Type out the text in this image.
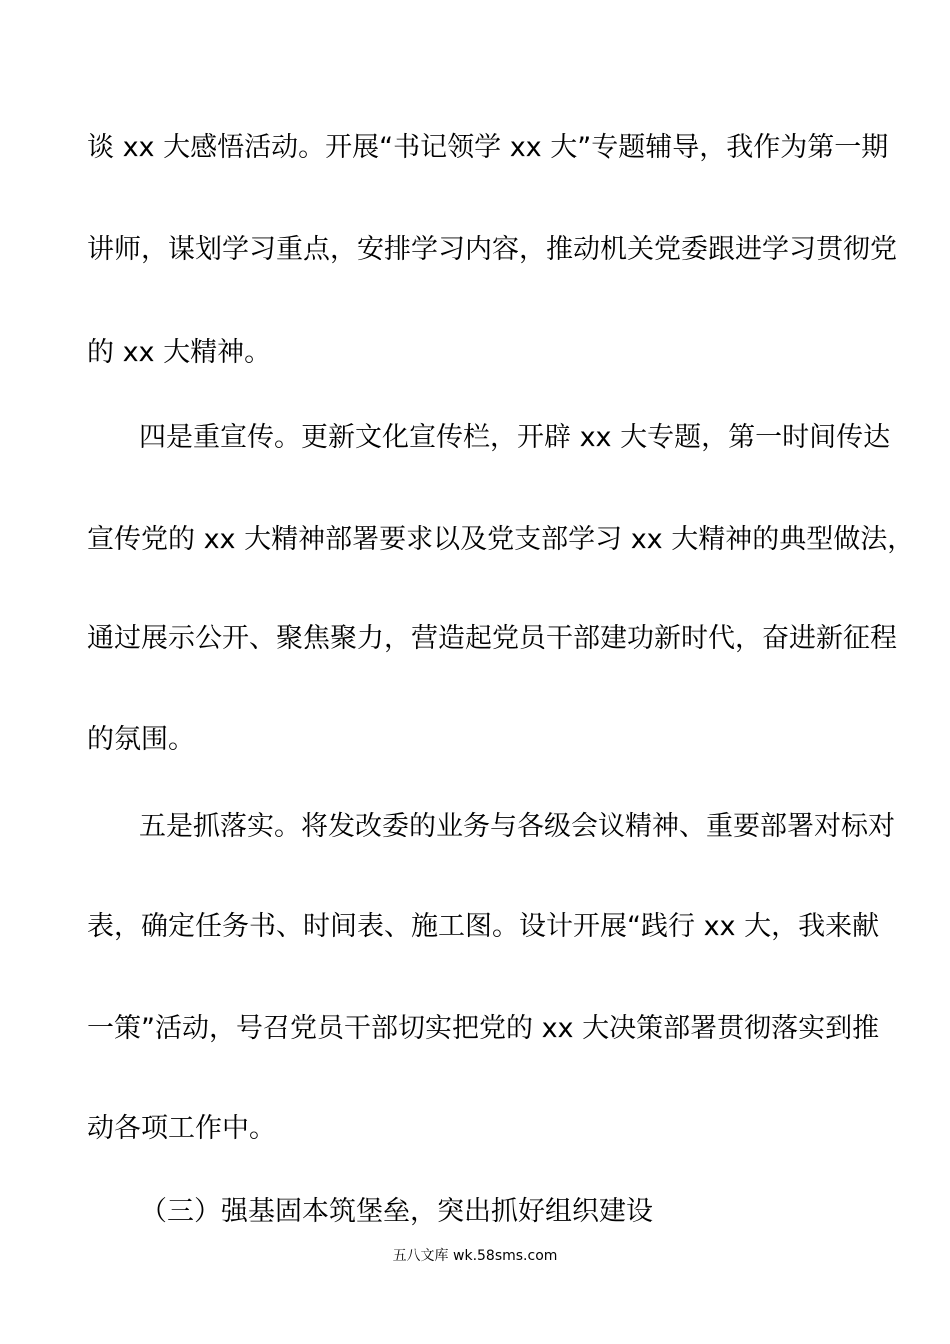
谈 xx 大感悟活动。开展“书记领学 xx 大”专题辅导，我作为第一期
讲师，谋划学习重点，安排学习内容，推动机关党委跟进学习贯彻党
的 xx 大精神。
四是重宣传。更新文化宣传栏，开辟 xx 大专题，第一时间传达
宣传党的 xx 大精神部署要求以及党支部学习 xx 大精神的典型做法，
通过展示公开、聚焦聚力，营造起党员干部建功新时代，奋进新征程
的氛围。
五是抓落实。将发改委的业务与各级会议精神、重要部署对标对
表，确定任务书、时间表、施工图。设计开展“践行 xx 大，我来献
一策”活动，号召党员干部切实把党的 xx 大决策部署贯彻落实到推
动各项工作中。
（三）强基固本筑堡垒，突出抓好组织建设
五八文库 wk.58sms.com
